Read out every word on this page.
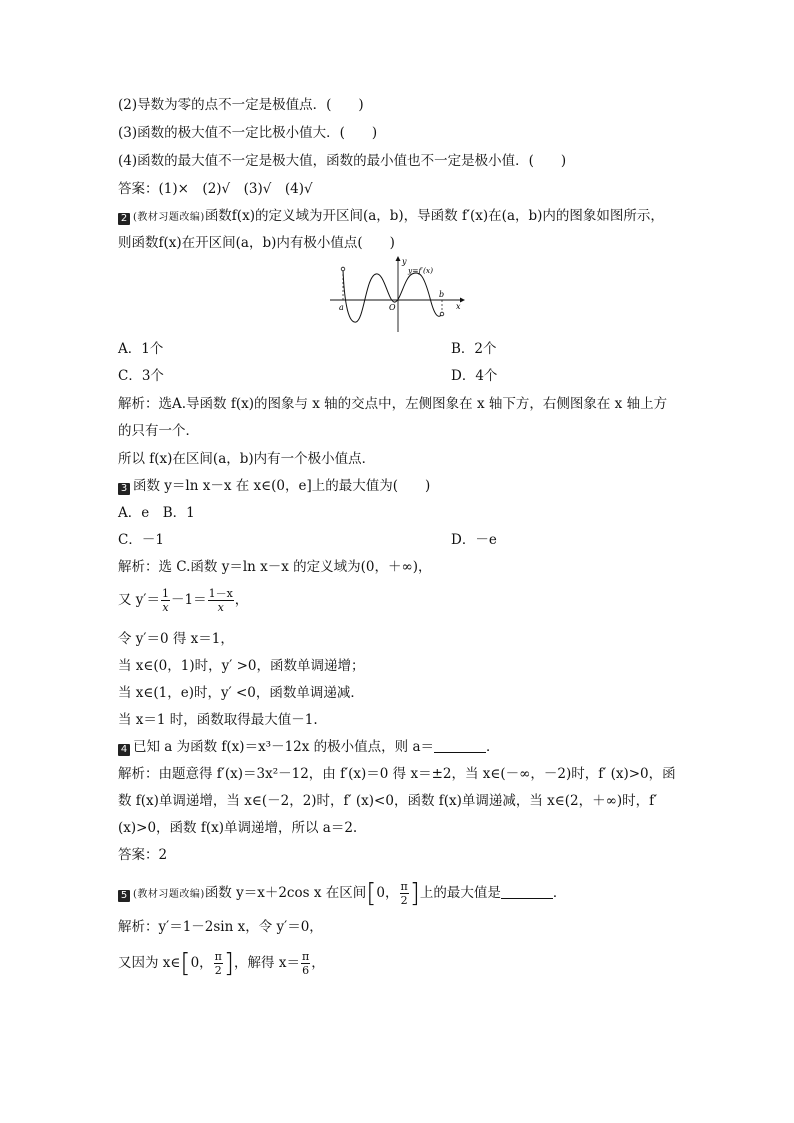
(2)导数为零的点不一定是极值点．(　　)
(3)函数的极大值不一定比极小值大．(　　)
(4)函数的最大值不一定是极大值，函数的最小值也不一定是极小值．(　　)
答案：(1)×　(2)√　(3)√　(4)√
2 (教材习题改编)函数f(x)的定义域为开区间(a，b)，导函数 f′(x)在(a，b)内的图象如图所示，
则函数f(x)在开区间(a，b)内有极小值点(　　)
y
y=f′(x)
x
a
b
O
A．1个	B．2个
C．3个	D．4个
解析：选A.导函数 f(x)的图象与 x 轴的交点中，左侧图象在 x 轴下方，右侧图象在 x 轴上方
的只有一个．
所以 f(x)在区间(a，b)内有一个极小值点．
3 函数 y＝ln x－x 在 x∈(0，e]上的最大值为(　　)
A．e　B．1
C．－1	D．－e
解析：选 C.函数 y＝ln x－x 的定义域为(0，＋∞)，
又 $y'= \frac{1}{x} -1= \frac{1-x}{x}$ ，
令 y′＝0 得 x＝1，
当 x∈(0，1)时，y′ >0，函数单调递增；
当 x∈(1，e)时，y′ <0，函数单调递减．
当 x＝1 时，函数取得最大值－1.
4 已知 a 为函数 f(x)＝x³－12x 的极小值点，则 a＝	．
解析：由题意得 f′(x)＝3x²－12，由 f′(x)＝0 得 x＝±2，当 x∈(－∞，－2)时，f′ (x)>0，函
数 f(x)单调递增，当 x∈(－2，2)时，f′ (x)<0，函数 f(x)单调递减，当 x∈(2，＋∞)时，f′
(x)>0，函数 f(x)单调递增，所以 a＝2.
答案：2
5 (教材习题改编)函数 y＝x＋2cos x 在区间[0， $\frac{\pi}{2}$ ]上的最大值是	．
解析：y′＝1－2sin x，令 y′＝0，
又因为 x∈[0， $\frac{\pi}{2}$ ]，解得 $x= \frac{\pi}{6}$ ，
